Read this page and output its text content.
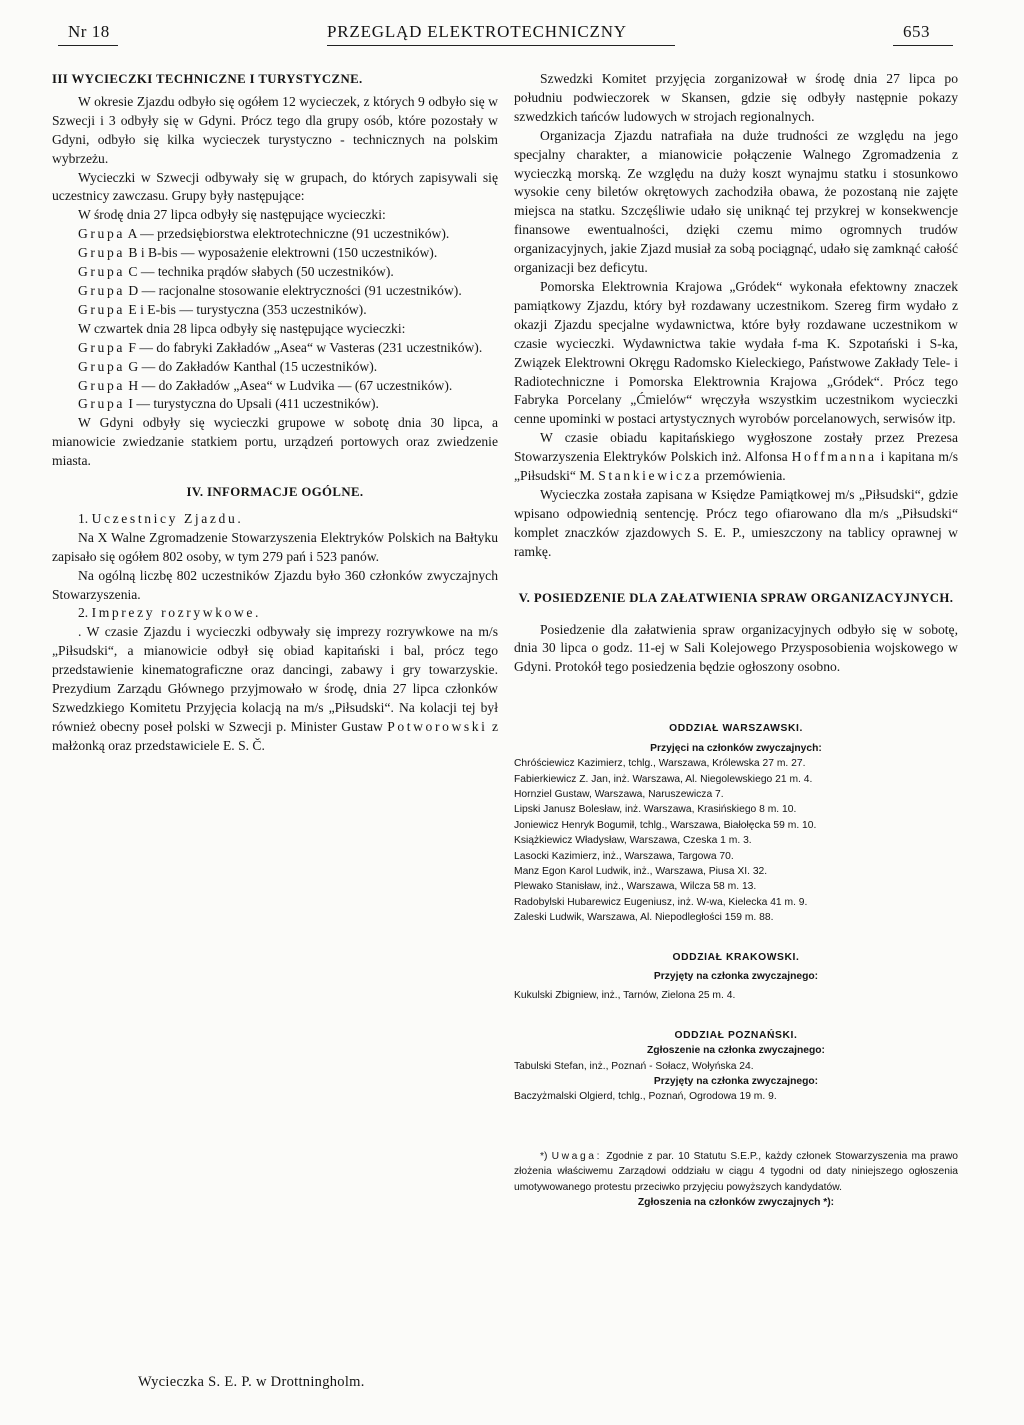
Nr 18	PRZEGLĄD ELEKTROTECHNICZNY	653

III WYCIECZKI TECHNICZNE I TURYSTYCZNE.

W okresie Zjazdu odbyło się ogółem 12 wycieczek, z których 9 odbyło się w Szwecji i 3 odbyły się w Gdyni. Prócz tego dla grupy osób, które pozostały w Gdyni, odbyło się kilka wycieczek turystyczno - technicznych na polskim wybrzeżu.

Wycieczki w Szwecji odbywały się w grupach, do których zapisywali się uczestnicy zawczasu. Grupy były następujące:

W środę dnia 27 lipca odbyły się następujące wycieczki:

Grupa A — przedsiębiorstwa elektrotechniczne (91 uczestników).

Grupa B i B-bis — wyposażenie elektrowni (150 uczestników).

Grupa C — technika prądów słabych (50 uczestników).

Grupa D — racjonalne stosowanie elektryczności (91 uczestników).

Grupa E i E-bis — turystyczna (353 uczestników).

W czwartek dnia 28 lipca odbyły się następujące wycieczki:

Grupa F — do fabryki Zakładów „Asea“ w Vasteras (231 uczestników).

Grupa G — do Zakładów Kanthal (15 uczestników).

Grupa H — do Zakładów „Asea“ w Ludvika — (67 uczestników).

Grupa I — turystyczna do Upsali (411 uczestników).

W Gdyni odbyły się wycieczki grupowe w sobotę dnia 30 lipca, a mianowicie zwiedzanie statkiem portu, urządzeń portowych oraz zwiedzenie miasta.

IV. INFORMACJE OGÓLNE.

1. Uczestnicy Zjazdu.

Na X Walne Zgromadzenie Stowarzyszenia Elektryków Polskich na Bałtyku zapisało się ogółem 802 osoby, w tym 279 pań i 523 panów.

Na ogólną liczbę 802 uczestników Zjazdu było 360 członków zwyczajnych Stowarzyszenia.

2. Imprezy rozrywkowe.

. W czasie Zjazdu i wycieczki odbywały się imprezy rozrywkowe na m/s „Piłsudski“, a mianowicie odbył się obiad kapitański i bal, prócz tego przedstawienie kinematograficzne oraz dancingi, zabawy i gry towarzyskie. Prezydium Zarządu Głównego przyjmowało w środę, dnia 27 lipca członków Szwedzkiego Komitetu Przyjęcia kolacją na m/s „Piłsudski“. Na kolacji tej był również obecny poseł polski w Szwecji p. Minister Gustaw Potworowski z małżonką oraz przedstawiciele E. S. Č.

Szwedzki Komitet przyjęcia zorganizował w środę dnia 27 lipca po południu podwieczorek w Skansen, gdzie się odbyły następnie pokazy szwedzkich tańców ludowych w strojach regionalnych.

Organizacja Zjazdu natrafiała na duże trudności ze względu na jego specjalny charakter, a mianowicie połączenie Walnego Zgromadzenia z wycieczką morską. Ze względu na duży koszt wynajmu statku i stosunkowo wysokie ceny biletów okrętowych zachodziła obawa, że pozostaną nie zajęte miejsca na statku. Szczęśliwie udało się uniknąć tej przykrej w konsekwencje finansowe ewentualności, dzięki czemu mimo ogromnych trudów organizacyjnych, jakie Zjazd musiał za sobą pociągnąć, udało się zamknąć całość organizacji bez deficytu.

Pomorska Elektrownia Krajowa „Gródek“ wykonała efektowny znaczek pamiątkowy Zjazdu, który był rozdawany uczestnikom. Szereg firm wydało z okazji Zjazdu specjalne wydawnictwa, które były rozdawane uczestnikom w czasie wycieczki. Wydawnictwa takie wydała f-ma K. Szpotański i S-ka, Związek Elektrowni Okręgu Radomsko Kieleckiego, Państwowe Zakłady Tele- i Radiotechniczne i Pomorska Elektrownia Krajowa „Gródek“. Prócz tego Fabryka Porcelany „Ćmielów“ wręczyła wszystkim uczestnikom wycieczki cenne upominki w postaci artystycznych wyrobów porcelanowych, serwisów itp.

W czasie obiadu kapitańskiego wygłoszone zostały przez Prezesa Stowarzyszenia Elektryków Polskich inż. Alfonsa Hoffmanna i kapitana m/s „Piłsudski“ M. Stankiewicza przemówienia.

Wycieczka została zapisana w Księdze Pamiątkowej m/s „Piłsudski“, gdzie wpisano odpowiednią sentencję. Prócz tego ofiarowano dla m/s „Piłsudski“ komplet znaczków zjazdowych S. E. P., umieszczony na tablicy oprawnej w ramkę.

V. POSIEDZENIE DLA ZAŁATWIENIA SPRAW ORGANIZACYJNYCH.

Posiedzenie dla załatwienia spraw organizacyjnych odbyło się w sobotę, dnia 30 lipca o godz. 11-ej w Sali Kolejowego Przysposobienia wojskowego w Gdyni. Protokół tego posiedzenia będzie ogłoszony osobno.

ODDZIAŁ WARSZAWSKI.
Przyjęci na członków zwyczajnych:
Chróściewicz Kazimierz, tchlg., Warszawa, Królewska 27 m. 27.
Fabierkiewicz Z. Jan, inż. Warszawa, Al. Niegolewskiego 21 m. 4.
Hornziel Gustaw, Warszawa, Naruszewicza 7.
Lipski Janusz Bolesław, inż. Warszawa, Krasińskiego 8 m. 10.
Joniewicz Henryk Bogumił, tchlg., Warszawa, Białołęcka 59 m. 10.
Książkiewicz Władysław, Warszawa, Czeska 1 m. 3.
Lasocki Kazimierz, inż., Warszawa, Targowa 70.
Manz Egon Karol Ludwik, inż., Warszawa, Piusa XI. 32.
Plewako Stanisław, inż., Warszawa, Wilcza 58 m. 13.
Radobylski Hubarewicz Eugeniusz, inż. W-wa, Kielecka 41 m. 9.
Zaleski Ludwik, Warszawa, Al. Niepodległości 159 m. 88.
ODDZIAŁ KRAKOWSKI.
Przyjęty na członka zwyczajnego:
Kukulski Zbigniew, inż., Tarnów, Zielona 25 m. 4.
ODDZIAŁ POZNAŃSKI.
Zgłoszenie na członka zwyczajnego:
Tabulski Stefan, inż., Poznań - Sołacz, Wołyńska 24.
Przyjęty na członka zwyczajnego:
Baczyżmalski Olgierd, tchlg., Poznań, Ogrodowa 19 m. 9.

*) Uwaga: Zgodnie z par. 10 Statutu S.E.P., każdy członek Stowarzyszenia ma prawo złożenia właściwemu Zarządowi oddziału w ciągu 4 tygodni od daty niniejszego ogłoszenia umotywowanego protestu przeciwko przyjęciu powyższych kandydatów.

Zgłoszenia na członków zwyczajnych *):

Wycieczka S. E. P. w Drottningholm.
